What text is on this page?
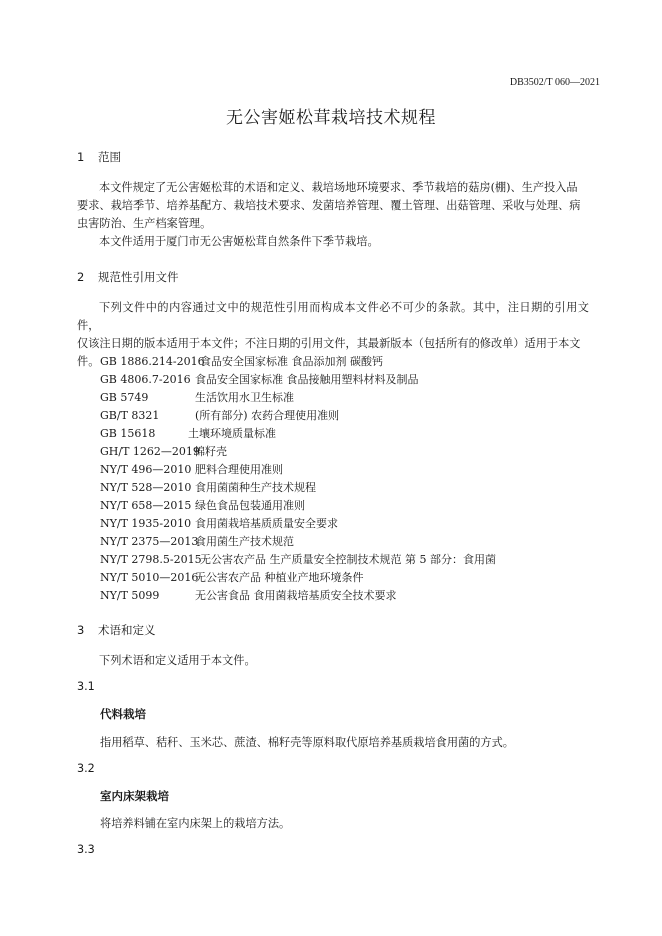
DB3502/T 060—2021
无公害姬松茸栽培技术规程
1 范围
本文件规定了无公害姬松茸的术语和定义、栽培场地环境要求、季节栽培的菇房(棚)、生产投入品
要求、栽培季节、培养基配方、栽培技术要求、发菌培养管理、覆土管理、出菇管理、采收与处理、病
虫害防治、生产档案管理。
本文件适用于厦门市无公害姬松茸自然条件下季节栽培。
2 规范性引用文件
下列文件中的内容通过文中的规范性引用而构成本文件必不可少的条款。其中，注日期的引用文件，
仅该注日期的版本适用于本文件；不注日期的引用文件，其最新版本（包括所有的修改单）适用于本文
件。 GB 1886.214-2016食品安全国家标准 食品添加剂 碳酸钙
GB 4806.7-2016 食品安全国家标准 食品接触用塑料材料及制品
GB 5749	生活饮用水卫生标准
GB/T 8321	(所有部分) 农药合理使用准则
GB 15618	土壤环境质量标准
GH/T 1262—2019棉籽壳
NY/T 496—2010 肥料合理使用准则
NY/T 528—2010 食用菌菌种生产技术规程
NY/T 658—2015 绿色食品包装通用准则
NY/T 1935-2010 食用菌栽培基质质量安全要求
NY/T 2375—2013食用菌生产技术规范
NY/T 2798.5-2015无公害农产品 生产质量安全控制技术规范 第 5 部分：食用菌
NY/T 5010—2016无公害农产品 种植业产地环境条件
NY/T 5099	无公害食品 食用菌栽培基质安全技术要求
3 术语和定义
下列术语和定义适用于本文件。
3.1
代料栽培
指用稻草、秸秆、玉米芯、蔗渣、棉籽壳等原料取代原培养基质栽培食用菌的方式。
3.2
室内床架栽培
将培养料铺在室内床架上的栽培方法。
3.3
